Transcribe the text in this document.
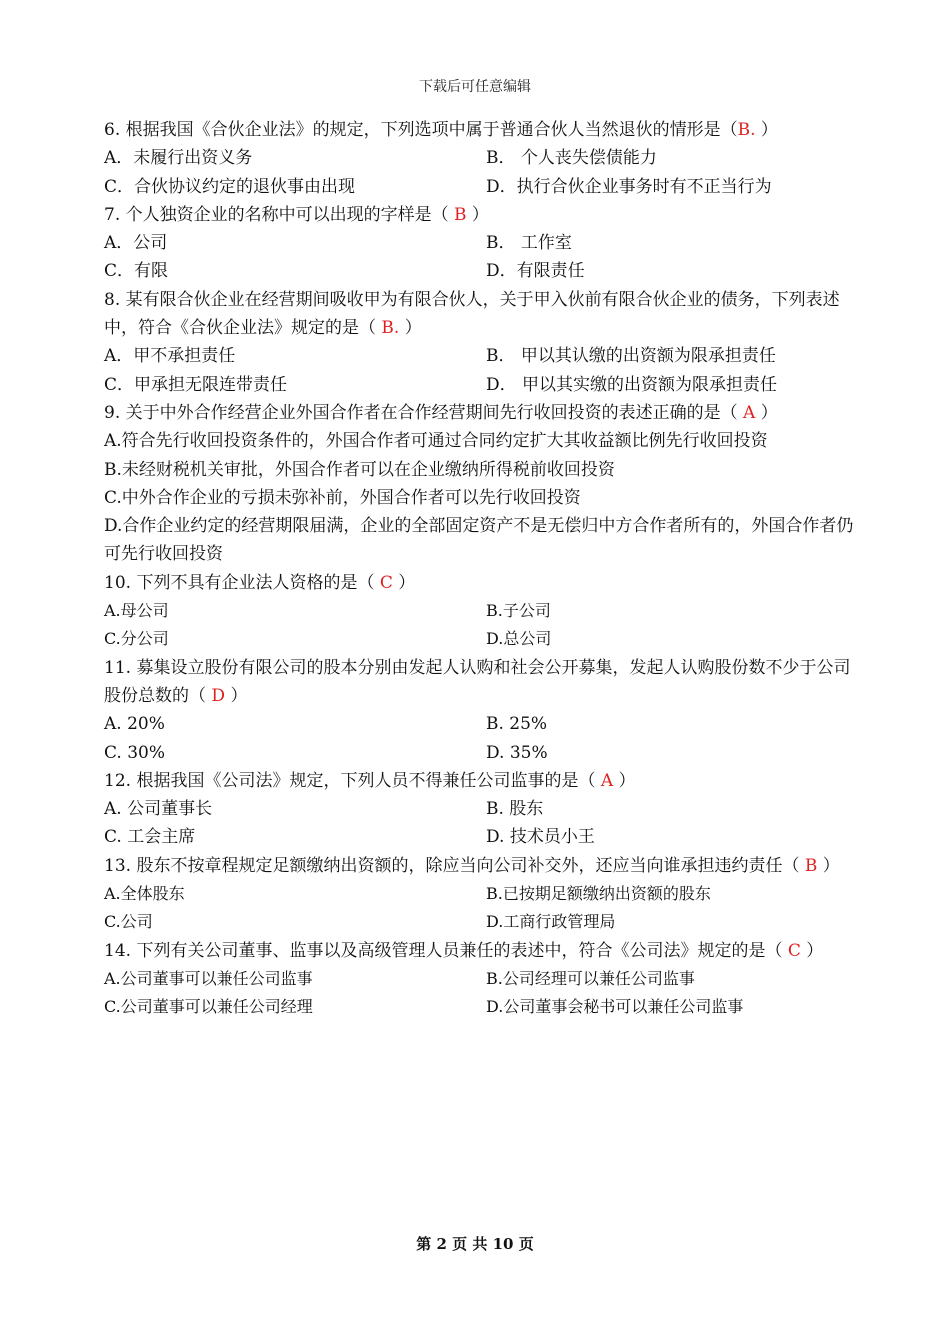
下载后可任意编辑

6. 根据我国《合伙企业法》的规定，下列选项中属于普通合伙人当然退伙的情形是（B. ）

A．未履行出资义务	B． 个人丧失偿债能力
C．合伙协议约定的退伙事由出现	D．执行合伙企业事务时有不正当行为

7. 个人独资企业的名称中可以出现的字样是（ B ）

A．公司	B． 工作室
C．有限	D．有限责任

8. 某有限合伙企业在经营期间吸收甲为有限合伙人，关于甲入伙前有限合伙企业的债务，下列表述中，符合《合伙企业法》规定的是（ B. ）

A．甲不承担责任	B． 甲以其认缴的出资额为限承担责任
C．甲承担无限连带责任	D． 甲以其实缴的出资额为限承担责任

9. 关于中外合作经营企业外国合作者在合作经营期间先行收回投资的表述正确的是（ A ）

A.符合先行收回投资条件的，外国合作者可通过合同约定扩大其收益额比例先行收回投资

B.未经财税机关审批，外国合作者可以在企业缴纳所得税前收回投资

C.中外合作企业的亏损未弥补前，外国合作者可以先行收回投资

D.合作企业约定的经营期限届满，企业的全部固定资产不是无偿归中方合作者所有的，外国合作者仍可先行收回投资

10. 下列不具有企业法人资格的是（ C ）

A.母公司	B.子公司
C.分公司	D.总公司

11. 募集设立股份有限公司的股本分别由发起人认购和社会公开募集，发起人认购股份数不少于公司股份总数的（ D ）

A. 20%	B. 25%
C. 30%	D. 35%

12. 根据我国《公司法》规定，下列人员不得兼任公司监事的是（ A ）

A. 公司董事长	B. 股东
C. 工会主席	D. 技术员小王

13. 股东不按章程规定足额缴纳出资额的，除应当向公司补交外，还应当向谁承担违约责任（ B ）

A.全体股东	B.已按期足额缴纳出资额的股东
C.公司	D.工商行政管理局

14. 下列有关公司董事、监事以及高级管理人员兼任的表述中，符合《公司法》规定的是（ C ）

A.公司董事可以兼任公司监事	B.公司经理可以兼任公司监事
C.公司董事可以兼任公司经理	D.公司董事会秘书可以兼任公司监事
第 2 页 共 10 页
